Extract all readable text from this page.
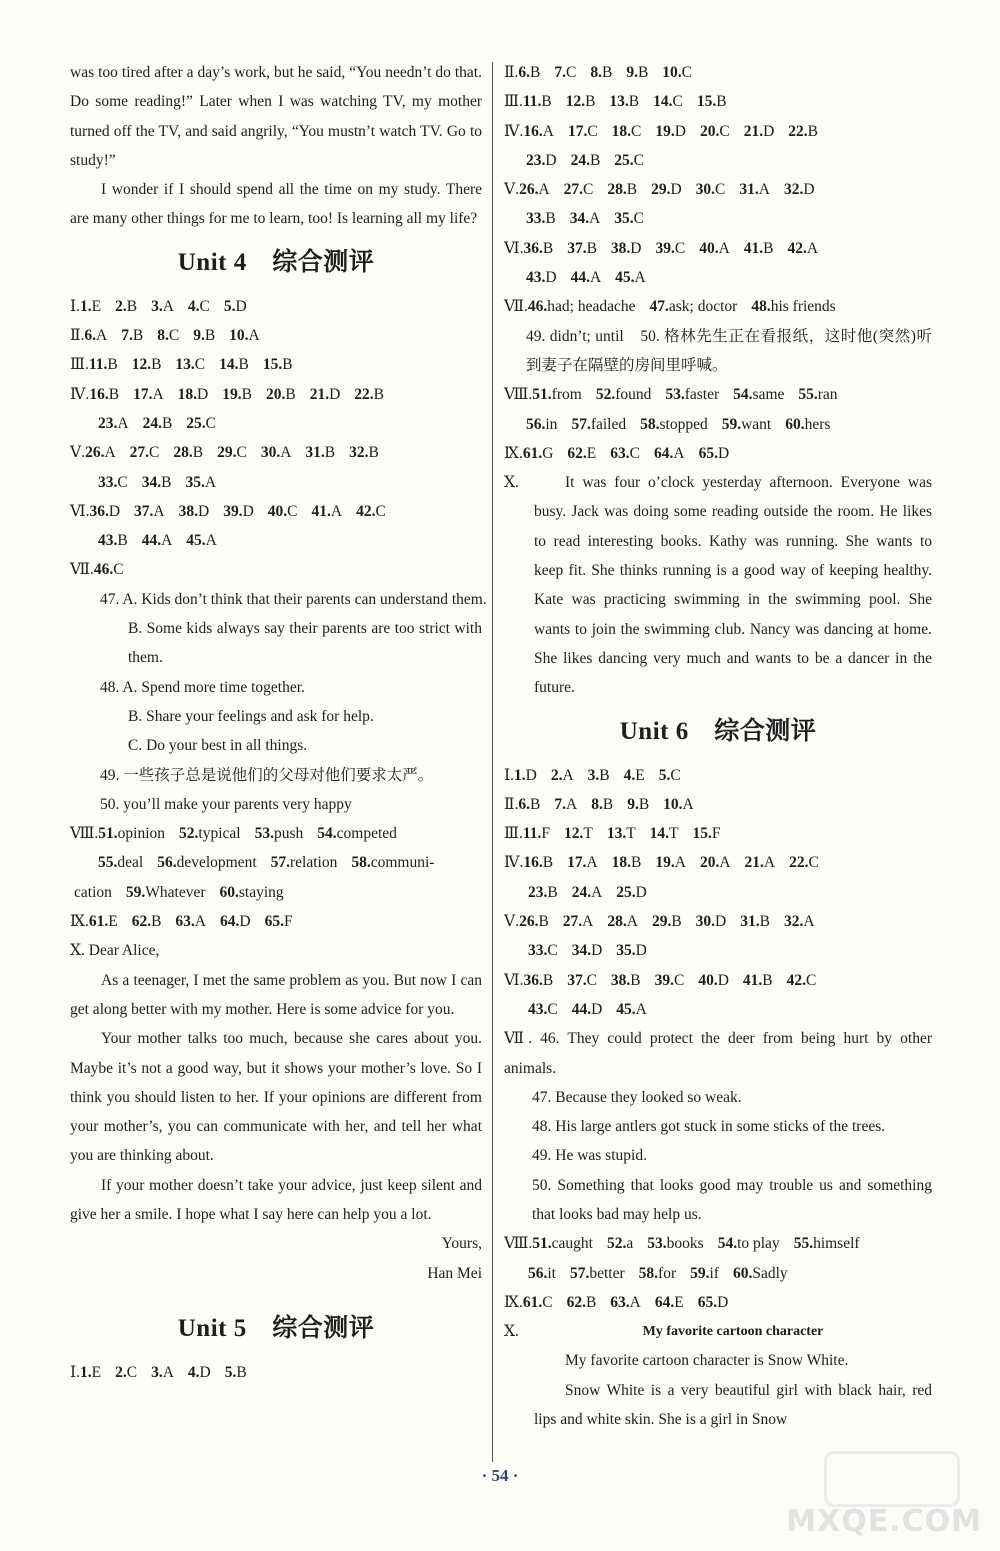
was too tired after a day’s work, but he said, “You needn’t do that. Do some reading!” Later when I was watching TV, my mother turned off the TV, and said angrily, “You mustn’t watch TV. Go to study!”

I wonder if I should spend all the time on my study. There are many other things for me to learn, too! Is learning all my life?

Unit 4　综合测评
Ⅰ.1.E 2.B 3.A 4.C 5.D
Ⅱ.6.A 7.B 8.C 9.B 10.A
Ⅲ.11.B 12.B 13.C 14.B 15.B
Ⅳ.16.B 17.A 18.D 19.B 20.B 21.D 22.B
23.A 24.B 25.C
Ⅴ.26.A 27.C 28.B 29.C 30.A 31.B 32.B
33.C 34.B 35.A
Ⅵ.36.D 37.A 38.D 39.D 40.C 41.A 42.C
43.B 44.A 45.A
Ⅶ.46.C
47. A. Kids don’t think that their parents can understand them.
B. Some kids always say their parents are too strict with them.
48. A. Spend more time together.
B. Share your feelings and ask for help.
C. Do your best in all things.
49. 一些孩子总是说他们的父母对他们要求太严。
50. you’ll make your parents very happy
Ⅷ.51.opinion 52.typical 53.push 54.competed
55.deal 56.development 57.relation 58.communi-
cation 59.Whatever 60.staying
Ⅸ.61.E 62.B 63.A 64.D 65.F
Ⅹ. Dear Alice,

As a teenager, I met the same problem as you. But now I can get along better with my mother. Here is some advice for you.

Your mother talks too much, because she cares about you. Maybe it’s not a good way, but it shows your mother’s love. So I think you should listen to her. If your opinions are different from your mother’s, you can communicate with her, and tell her what you are thinking about.

If your mother doesn’t take your advice, just keep silent and give her a smile. I hope what I say here can help you a lot.

Yours,
Han Mei
Unit 5　综合测评
Ⅰ.1.E 2.C 3.A 4.D 5.B
Ⅱ.6.B 7.C 8.B 9.B 10.C
Ⅲ.11.B 12.B 13.B 14.C 15.B
Ⅳ.16.A 17.C 18.C 19.D 20.C 21.D 22.B
23.D 24.B 25.C
Ⅴ.26.A 27.C 28.B 29.D 30.C 31.A 32.D
33.B 34.A 35.C
Ⅵ.36.B 37.B 38.D 39.C 40.A 41.B 42.A
43.D 44.A 45.A
Ⅶ.46.had; headache 47.ask; doctor 48.his friends

49. didn’t; until　50. 格林先生正在看报纸，这时他(突然)听到妻子在隔壁的房间里呼喊。

Ⅷ.51.from 52.found 53.faster 54.same 55.ran
56.in 57.failed 58.stopped 59.want 60.hers
Ⅸ.61.G 62.E 63.C 64.A 65.D
Ⅹ.	It was four o’clock yesterday afternoon. Everyone was busy. Jack was doing some reading outside the room. He likes to read interesting books. Kathy was running. She wants to keep fit. She thinks running is a good way of keeping healthy. Kate was practicing swimming in the swimming pool. She wants to join the swimming club. Nancy was dancing at home. She likes dancing very much and wants to be a dancer in the future.

Unit 6　综合测评
Ⅰ.1.D 2.A 3.B 4.E 5.C
Ⅱ.6.B 7.A 8.B 9.B 10.A
Ⅲ.11.F 12.T 13.T 14.T 15.F
Ⅳ.16.B 17.A 18.B 19.A 20.A 21.A 22.C
23.B 24.A 25.D
Ⅴ.26.B 27.A 28.A 29.B 30.D 31.B 32.A
33.C 34.D 35.D
Ⅵ.36.B 37.C 38.B 39.C 40.D 41.B 42.C
43.C 44.D 45.A

Ⅶ. 46. They could protect the deer from being hurt by other animals.

47. Because they looked so weak.
48. His large antlers got stuck in some sticks of the trees.
49. He was stupid.

50. Something that looks good may trouble us and something that looks bad may help us.

Ⅷ.51.caught 52.a 53.books 54.to play 55.himself
56.it 57.better 58.for 59.if 60.Sadly
Ⅸ.61.C 62.B 63.A 64.E 65.D
Ⅹ.	My favorite cartoon character

My favorite cartoon character is Snow White.

Snow White is a very beautiful girl with black hair, red lips and white skin. She is a girl in Snow

· 54 ·
MXQE.COM
